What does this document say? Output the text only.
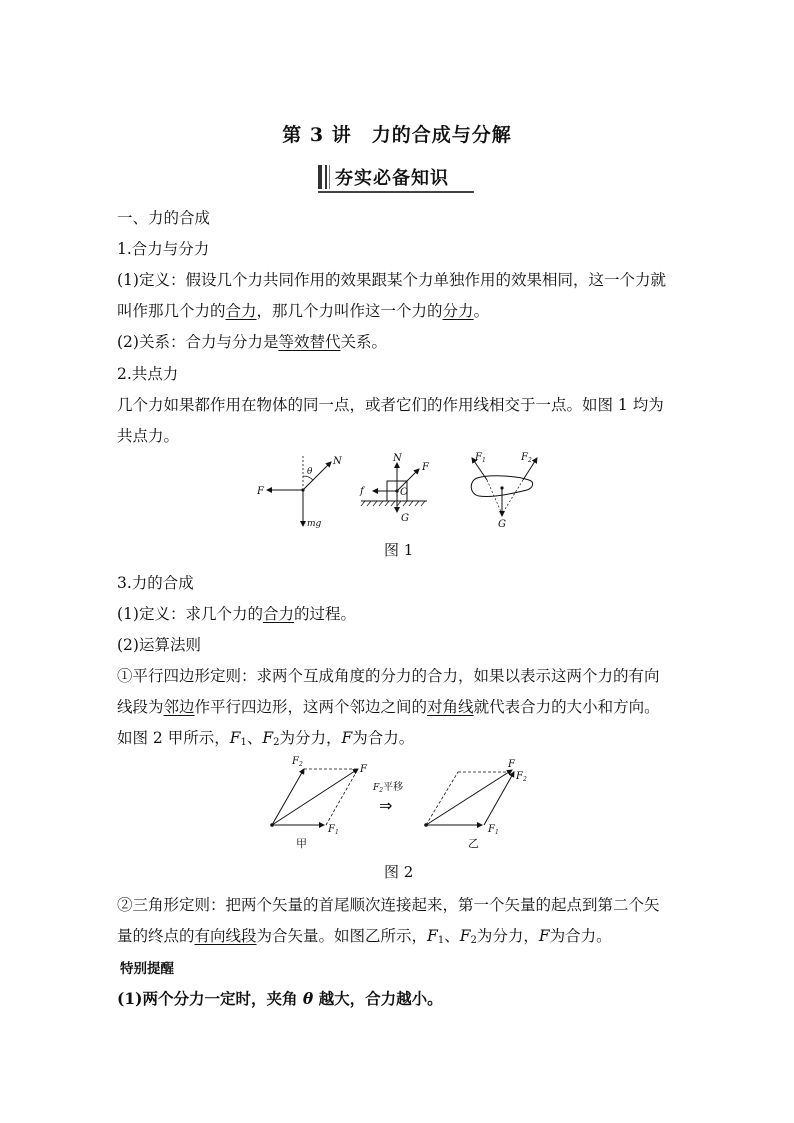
第 3 讲　力的合成与分解
夯实必备知识
一、力的合成
1.合力与分力
(1)定义：假设几个力共同作用的效果跟某个力单独作用的效果相同，这一个力就
叫作那几个力的合力，那几个力叫作这一个力的分力。
(2)关系：合力与分力是等效替代关系。
2.共点力
几个力如果都作用在物体的同一点，或者它们的作用线相交于一点。如图 1 均为
共点力。
F
N
θ
mg
N
F
f	O
G
$F_1$	$F_2$
G
图 1
3.力的合成
(1)定义：求几个力的合力的过程。
(2)运算法则
①平行四边形定则：求两个互成角度的分力的合力，如果以表示这两个力的有向
线段为邻边作平行四边形，这两个邻边之间的对角线就代表合力的大小和方向。
如图 2 甲所示，$F_1$、$F_2$为分力，F为合力。
$F_2$	F
$F_1$
甲
$F_2$平移
⇒
F
$F_2$
$F_1$
乙
图 2
②三角形定则：把两个矢量的首尾顺次连接起来，第一个矢量的起点到第二个矢
量的终点的有向线段为合矢量。如图乙所示，$F_1$、$F_2$为分力，F为合力。
特别提醒
(1)两个分力一定时，夹角 θ 越大，合力越小。
